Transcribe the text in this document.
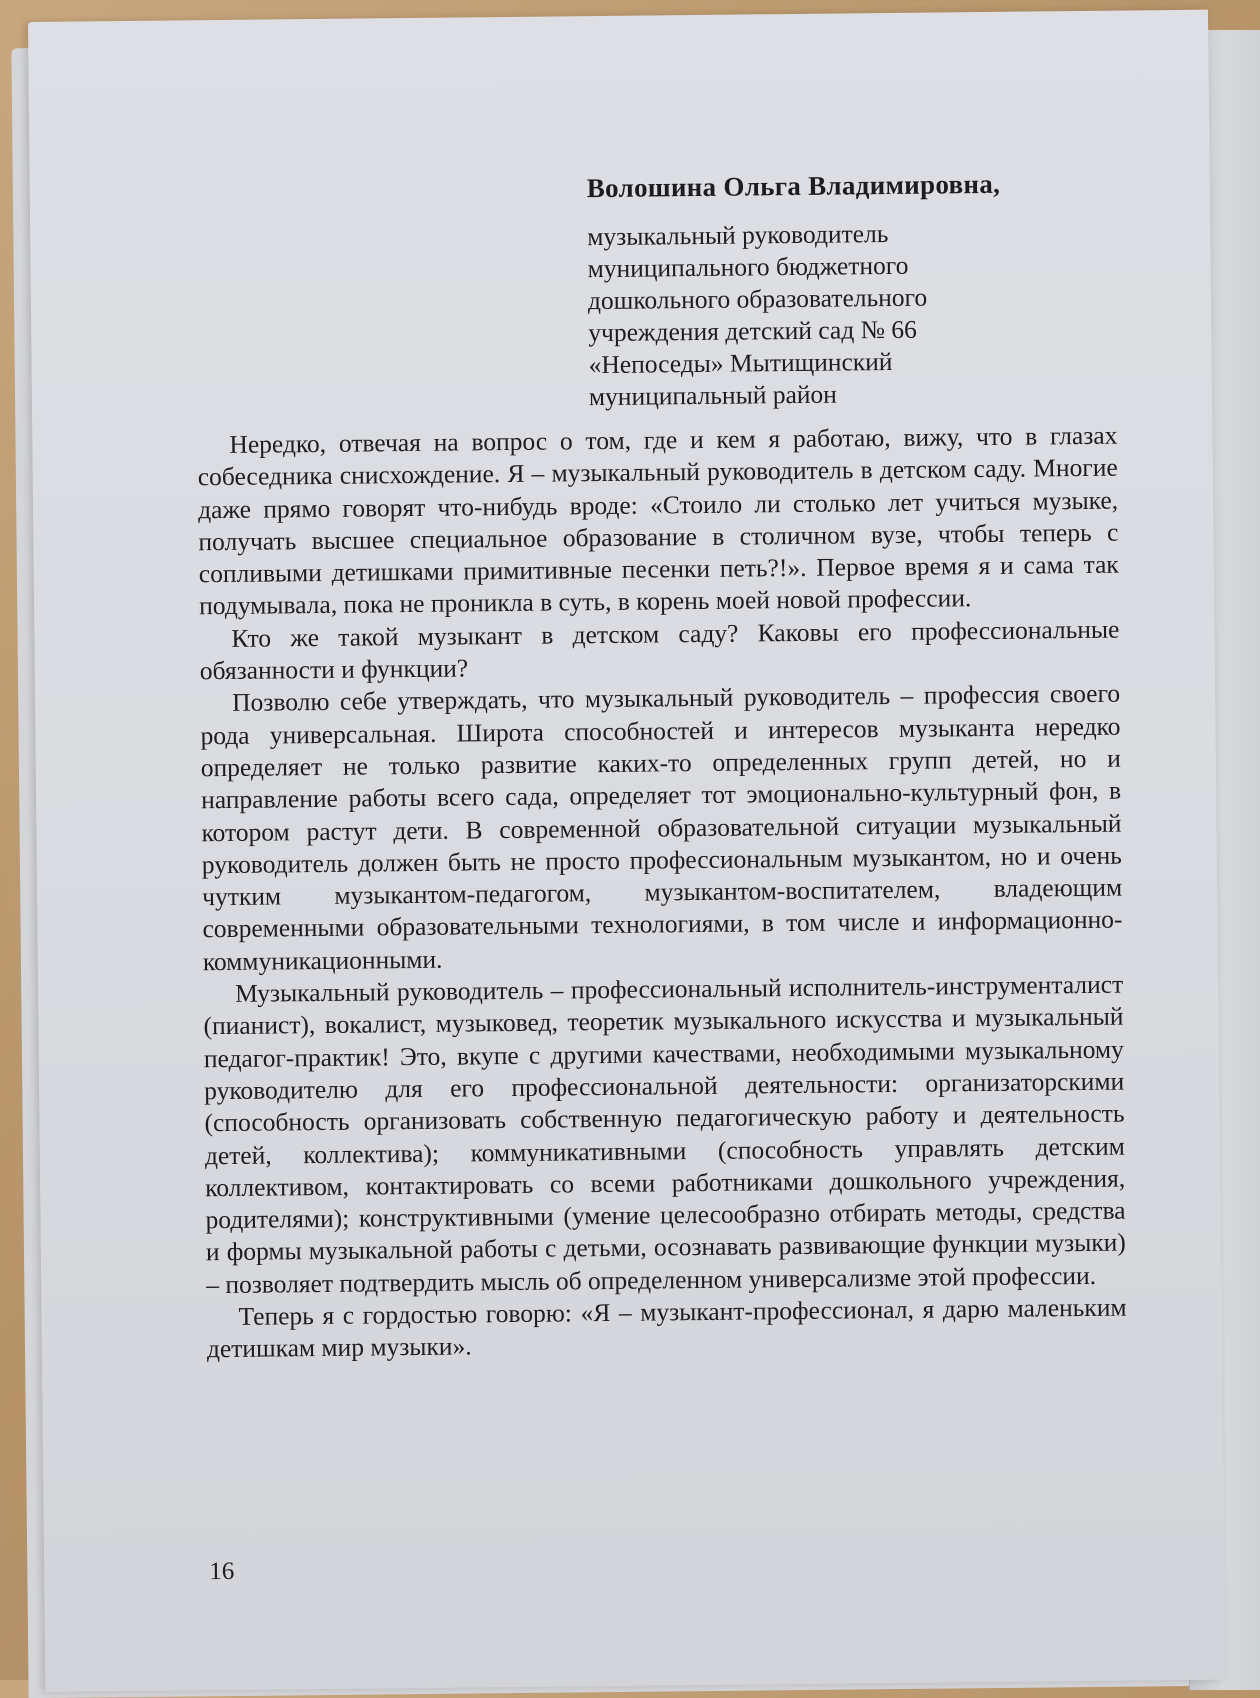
Волошина Ольга Владимировна,
музыкальный руководитель
муниципального бюджетного
дошкольного образовательного
учреждения детский сад № 66
«Непоседы» Мытищинский
муниципальный район

Нередко, отвечая на вопрос о том, где и кем я работаю, вижу, что в глазах собеседника снисхождение. Я – музыкальный руководитель в детском саду. Многие даже прямо говорят что-нибудь вроде: «Стоило ли столько лет учиться музыке, получать высшее специальное образование в столичном вузе, чтобы теперь с сопливыми детишками примитивные песенки петь?!». Первое время я и сама так подумывала, пока не проникла в суть, в корень моей новой профессии.

Кто же такой музыкант в детском саду? Каковы его профессиональные обязанности и функции?

Позволю себе утверждать, что музыкальный руководитель – профессия своего рода универсальная. Широта способностей и интересов музыканта нередко определяет не только развитие каких-то определенных групп детей, но и направление работы всего сада, определяет тот эмоционально-культурный фон, в котором растут дети. В современной образовательной ситуации музыкальный руководитель должен быть не просто профессиональным музыкантом, но и очень чутким музыкантом-педагогом, музыкантом-воспитателем, владеющим современными образовательными технологиями, в том числе и информационно-коммуникационными.

Музыкальный руководитель – профессиональный исполнитель-инструменталист (пианист), вокалист, музыковед, теоретик музыкального искусства и музыкальный педагог-практик! Это, вкупе с другими качествами, необходимыми музыкальному руководителю для его профессиональной деятельности: организаторскими (способность организовать собственную педагогическую работу и деятельность детей, коллектива); коммуникативными (способность управлять детским коллективом, контактировать со всеми работниками дошкольного учреждения, родителями); конструктивными (умение целесообразно отбирать методы, средства и формы музыкальной работы с детьми, осознавать развивающие функции музыки) – позволяет подтвердить мысль об определенном универсализме этой профессии.

Теперь я с гордостью говорю: «Я – музыкант-профессионал, я дарю маленьким детишкам мир музыки».

16
